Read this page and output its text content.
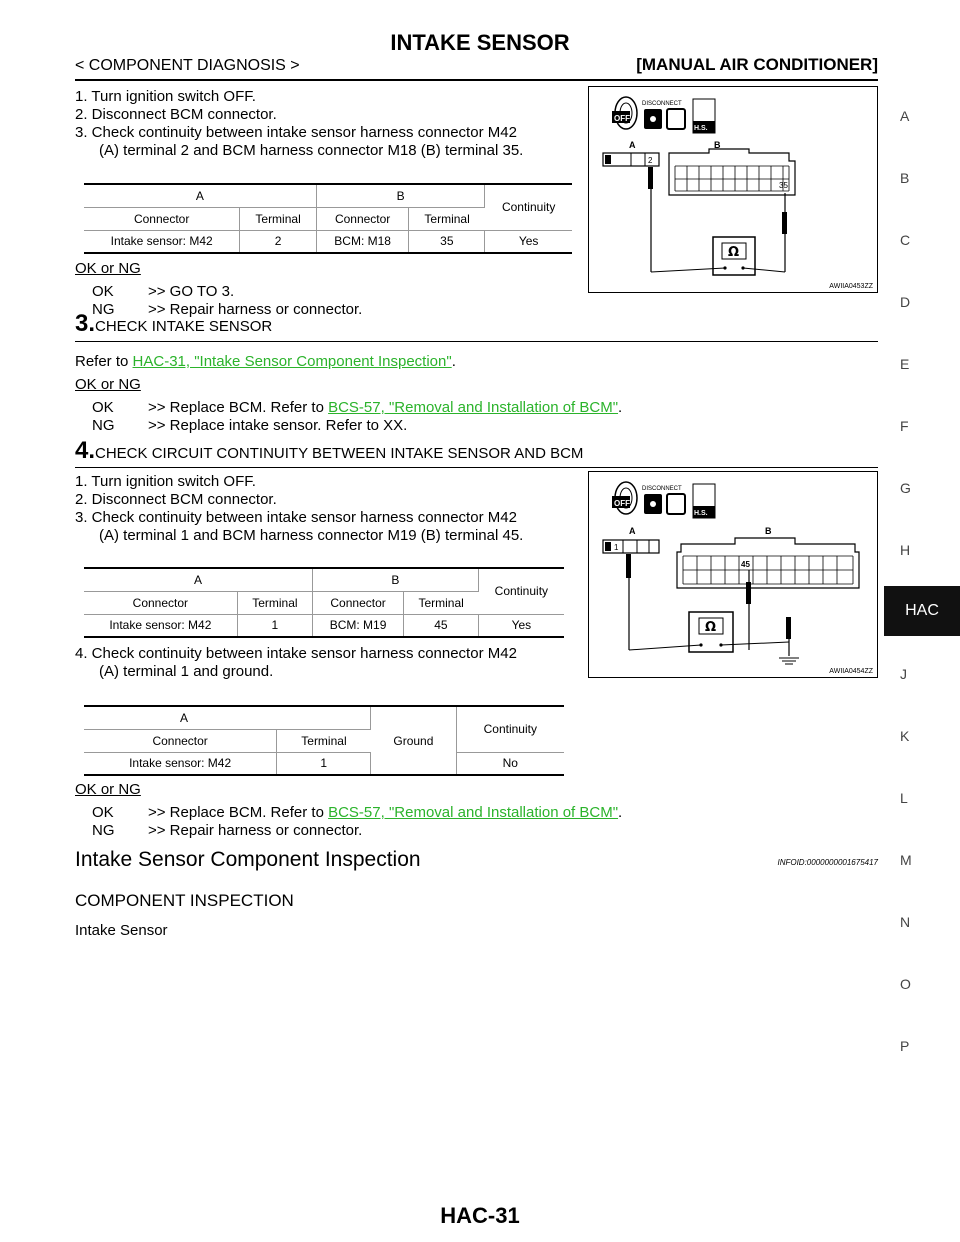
INTAKE SENSOR
< COMPONENT DIAGNOSIS >	[MANUAL AIR CONDITIONER]
A
B
C
D
E
F
G
H
HAC
J
K
L
M
N
O
P
1. Turn ignition switch OFF.
2. Disconnect BCM connector.
3. Check continuity between intake sensor harness connector M42
(A) terminal 2 and BCM harness connector M18 (B) terminal 35.
A		B		Continuity
Connector	Terminal	Connector	Terminal	
Intake sensor: M42	2	BCM: M18	35	Yes
OK or NG
OK >> GO TO 3.
NG >> Repair harness or connector.
OFF
DISCONNECT
H.S.
A	B
2
35
Ω
AWIIA0453ZZ
3.CHECK INTAKE SENSOR
Refer to HAC-31, "Intake Sensor Component Inspection".
OK or NG
OK >> Replace BCM. Refer to BCS-57, "Removal and Installation of BCM".
NG >> Replace intake sensor. Refer to XX.
4.CHECK CIRCUIT CONTINUITY BETWEEN INTAKE SENSOR AND BCM
1. Turn ignition switch OFF.
2. Disconnect BCM connector.
3. Check continuity between intake sensor harness connector M42
(A) terminal 1 and BCM harness connector M19 (B) terminal 45.
A		B		Continuity
Connector	Terminal	Connector	Terminal	
Intake sensor: M42	1	BCM: M19	45	Yes
4. Check continuity between intake sensor harness connector M42
(A) terminal 1 and ground.
A		Ground	Continuity
Connector	Terminal		
Intake sensor: M42	1		No
OK or NG
OK >> Replace BCM. Refer to BCS-57, "Removal and Installation of BCM".
NG >> Repair harness or connector.
OFF
DISCONNECT
H.S.
A	B
1
45
Ω
AWIIA0454ZZ
Intake Sensor Component Inspection	INFOID:0000000001675417
COMPONENT INSPECTION
Intake Sensor
HAC-31
